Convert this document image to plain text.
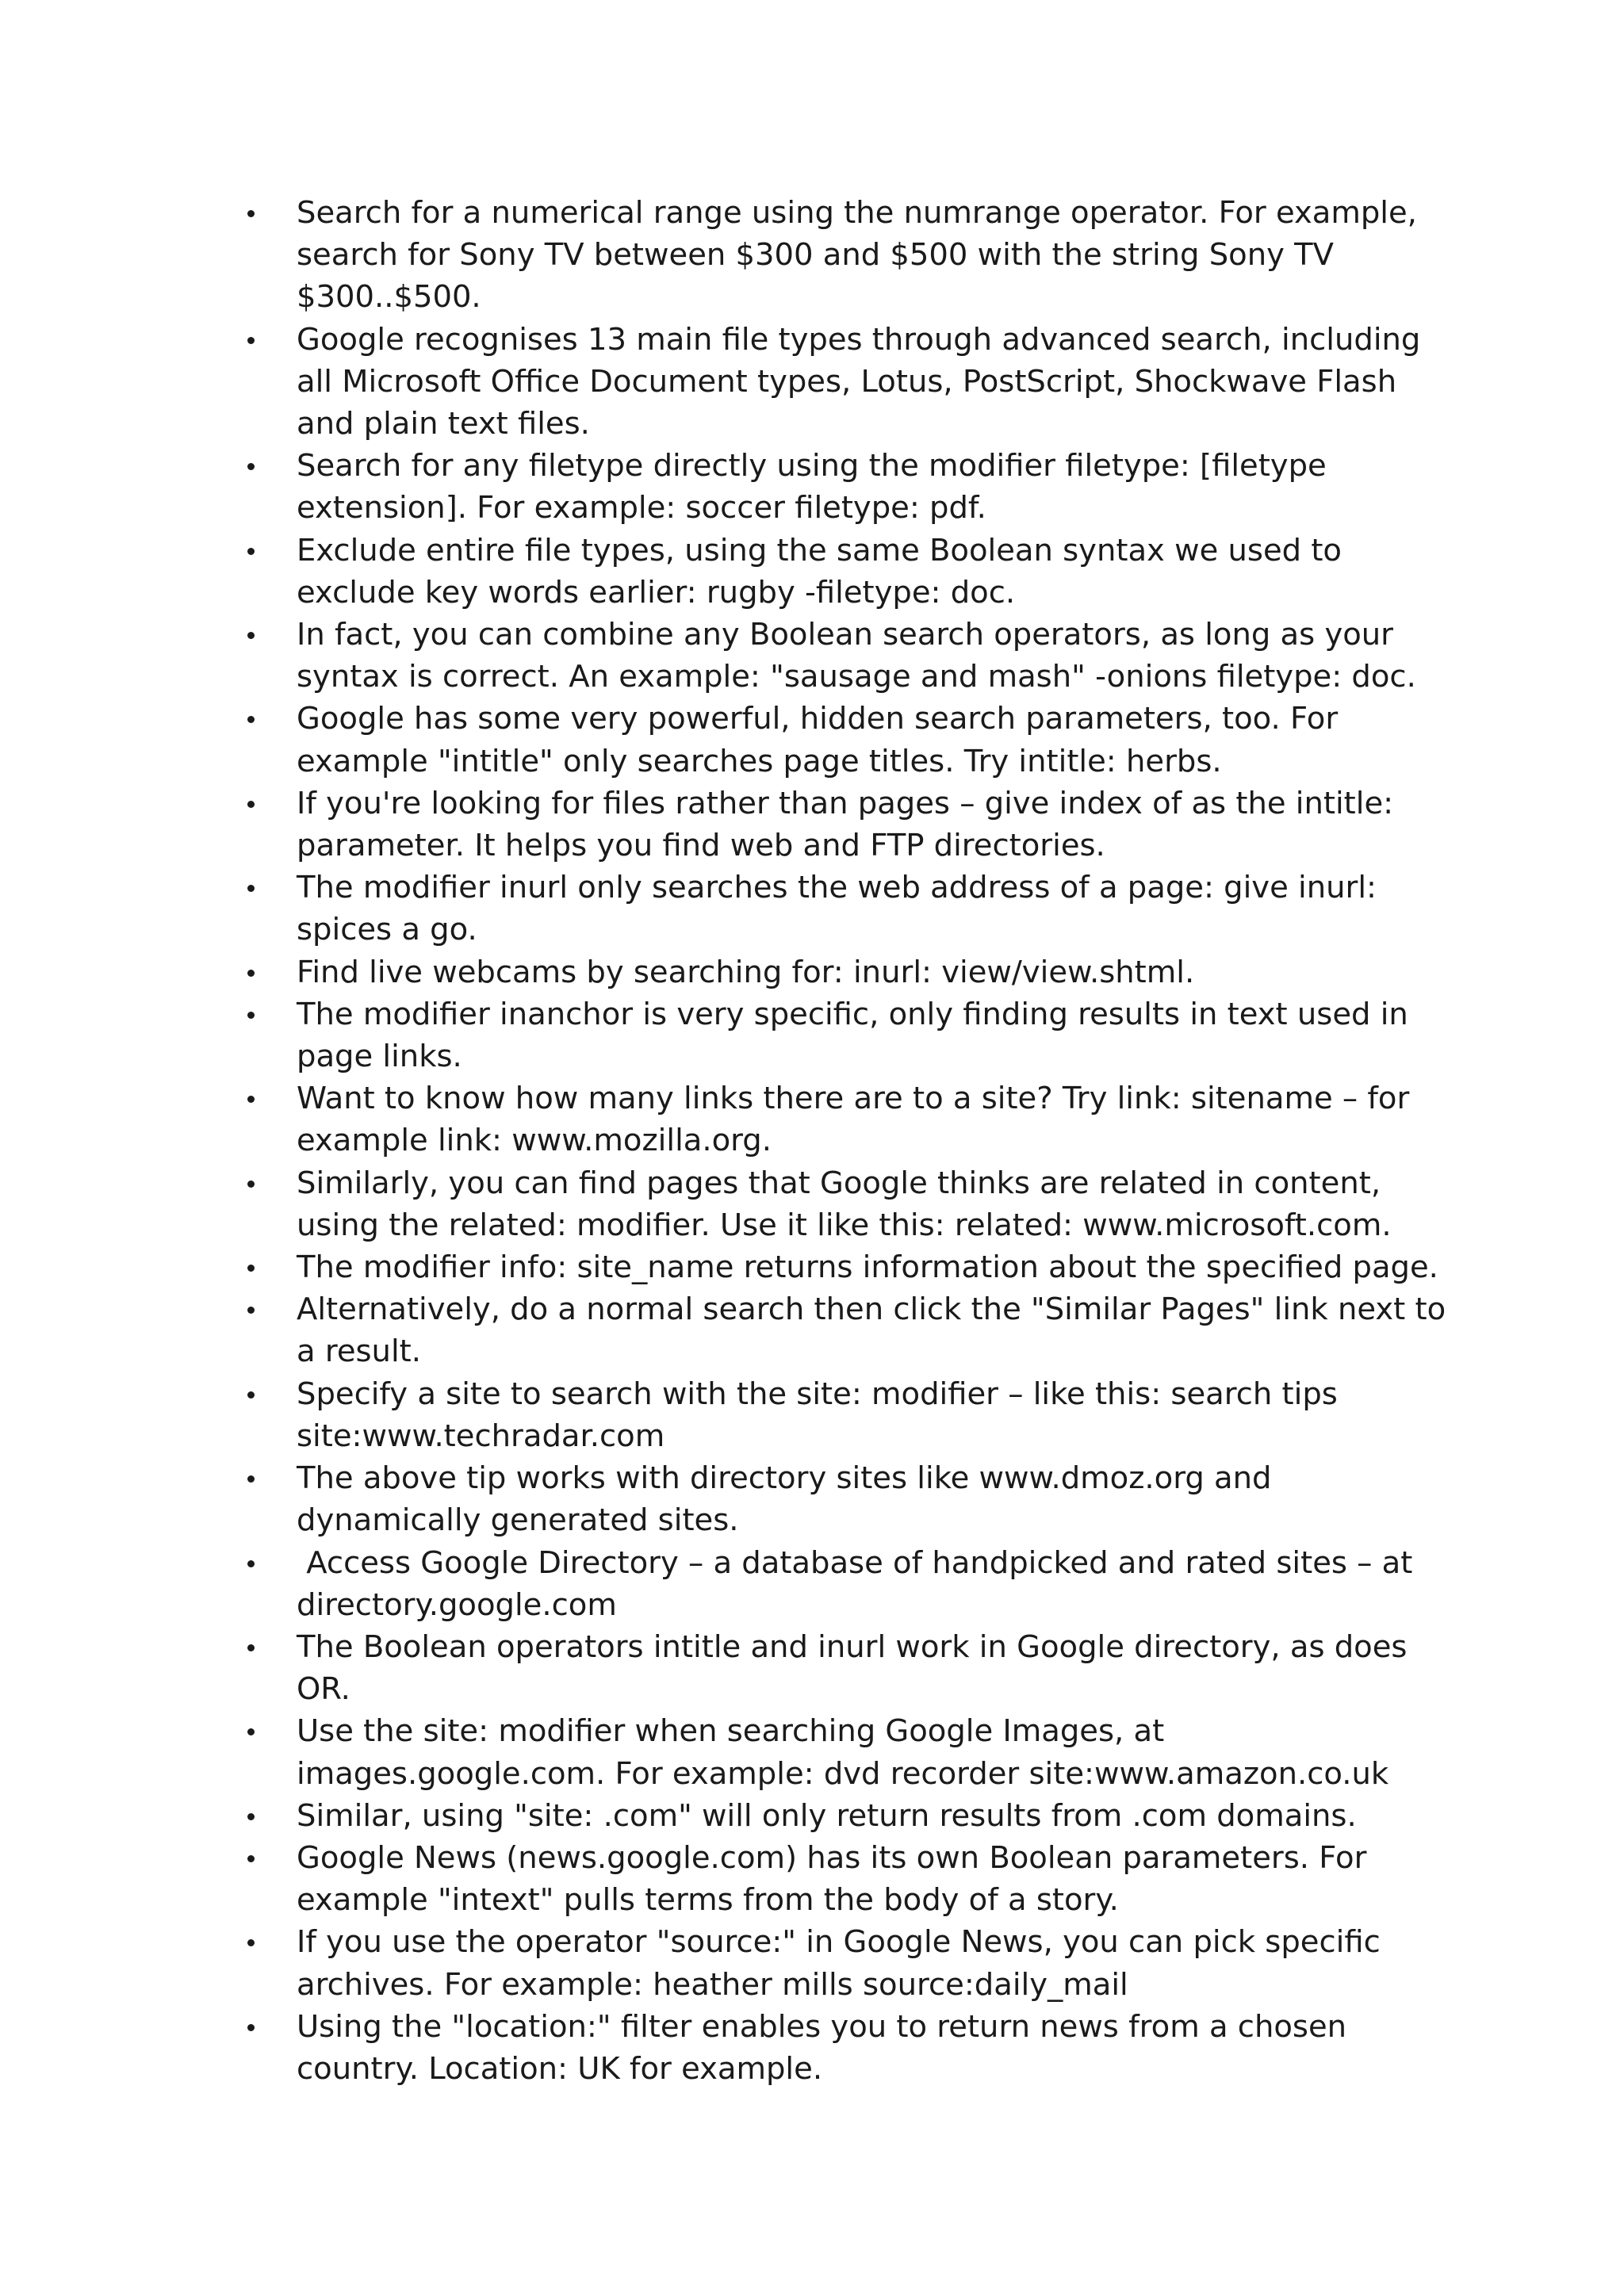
Search for a numerical range using the numrange operator. For example, search for Sony TV between $300 and $500 with the string Sony TV $300..$500.
Google recognises 13 main file types through advanced search, including all Microsoft Office Document types, Lotus, PostScript, Shockwave Flash and plain text files.
Search for any filetype directly using the modifier filetype: [filetype extension]. For example: soccer filetype: pdf.
Exclude entire file types, using the same Boolean syntax we used to exclude key words earlier: rugby -filetype: doc.
In fact, you can combine any Boolean search operators, as long as your syntax is correct. An example: "sausage and mash" -onions filetype: doc.
Google has some very powerful, hidden search parameters, too. For example "intitle" only searches page titles. Try intitle: herbs.
If you're looking for files rather than pages – give index of as the intitle: parameter. It helps you find web and FTP directories.
The modifier inurl only searches the web address of a page: give inurl: spices a go.
Find live webcams by searching for: inurl: view/view.shtml.
The modifier inanchor is very specific, only finding results in text used in page links.
Want to know how many links there are to a site? Try link: sitename – for example link: www.mozilla.org.
Similarly, you can find pages that Google thinks are related in content, using the related: modifier. Use it like this: related: www.microsoft.com.
The modifier info: site_name returns information about the specified page.
Alternatively, do a normal search then click the "Similar Pages" link next to a result.
Specify a site to search with the site: modifier – like this: search tips site:www.techradar.com
The above tip works with directory sites like www.dmoz.org and dynamically generated sites.
Access Google Directory – a database of handpicked and rated sites – at directory.google.com
The Boolean operators intitle and inurl work in Google directory, as does OR.
Use the site: modifier when searching Google Images, at images.google.com. For example: dvd recorder site:www.amazon.co.uk
Similar, using "site: .com" will only return results from .com domains.
Google News (news.google.com) has its own Boolean parameters. For example "intext" pulls terms from the body of a story.
If you use the operator "source:" in Google News, you can pick specific archives. For example: heather mills source:daily_mail
Using the "location:" filter enables you to return news from a chosen country. Location: UK for example.
